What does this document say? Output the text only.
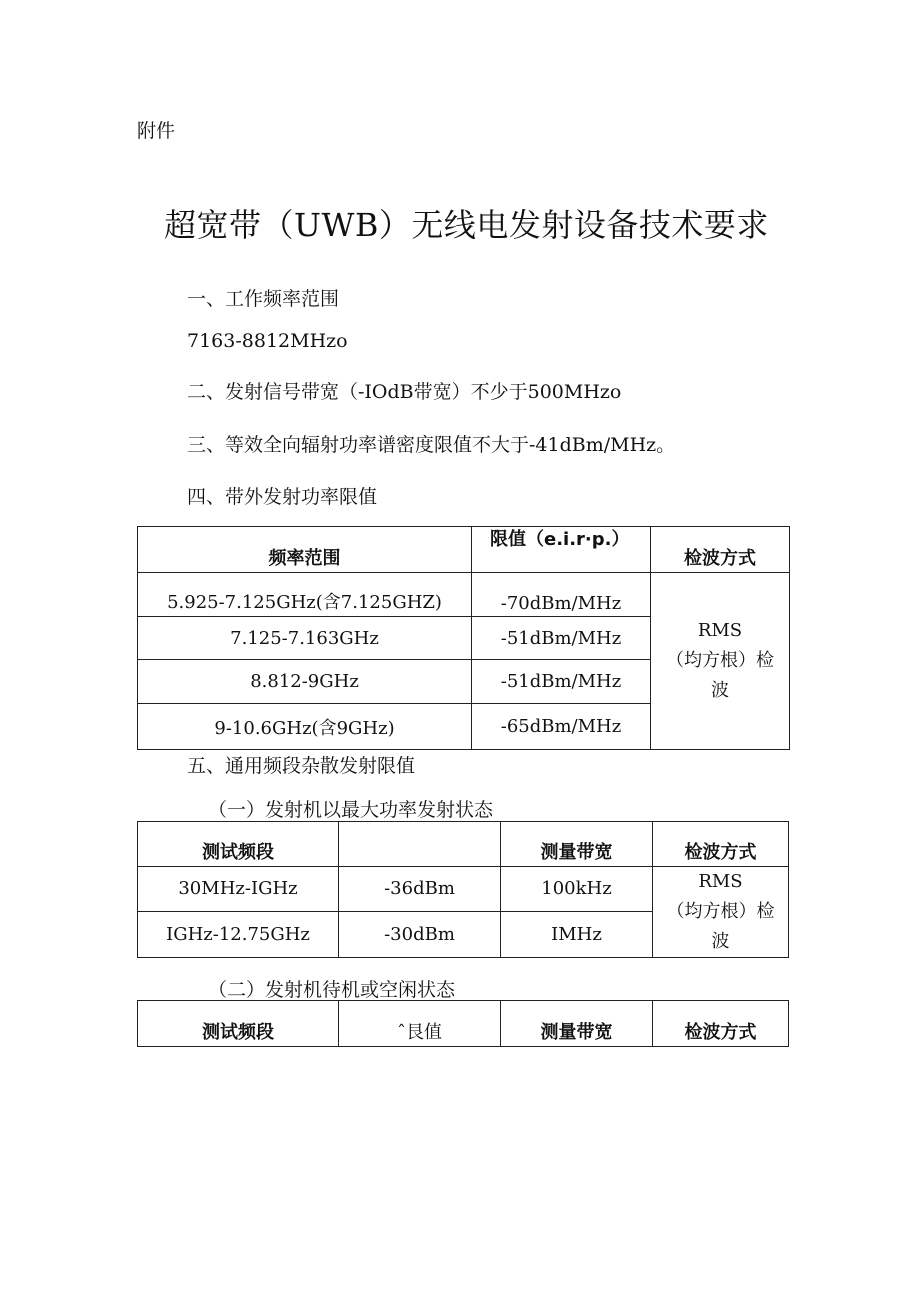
附件
超宽带（UWB）无线电发射设备技术要求
一、工作频率范围
7163-8812MHzo
二、发射信号带宽（-IOdB带宽）不少于500MHzo
三、等效全向辐射功率谱密度限值不大于-41dBm/MHz。
四、带外发射功率限值
频率范围	限值（e.i.r·p.）	检波方式
5.925-7.125GHz(含7.125GHZ)	-70dBm/MHz	RMS
（均方根）检
波

7.125-7.163GHz	-51dBm/MHz	
8.812-9GHz	-51dBm/MHz	
9-10.6GHz(含9GHz)	-65dBm/MHz	
五、通用频段杂散发射限值
（一）发射机以最大功率发射状态
测试频段		测量带宽	检波方式
30MHz-IGHz	-36dBm	100kHz	RMS
（均方根）检
波

IGHz-12.75GHz	-30dBm	IMHz	
（二）发射机待机或空闲状态
测试频段	ˆ艮值	测量带宽	检波方式
